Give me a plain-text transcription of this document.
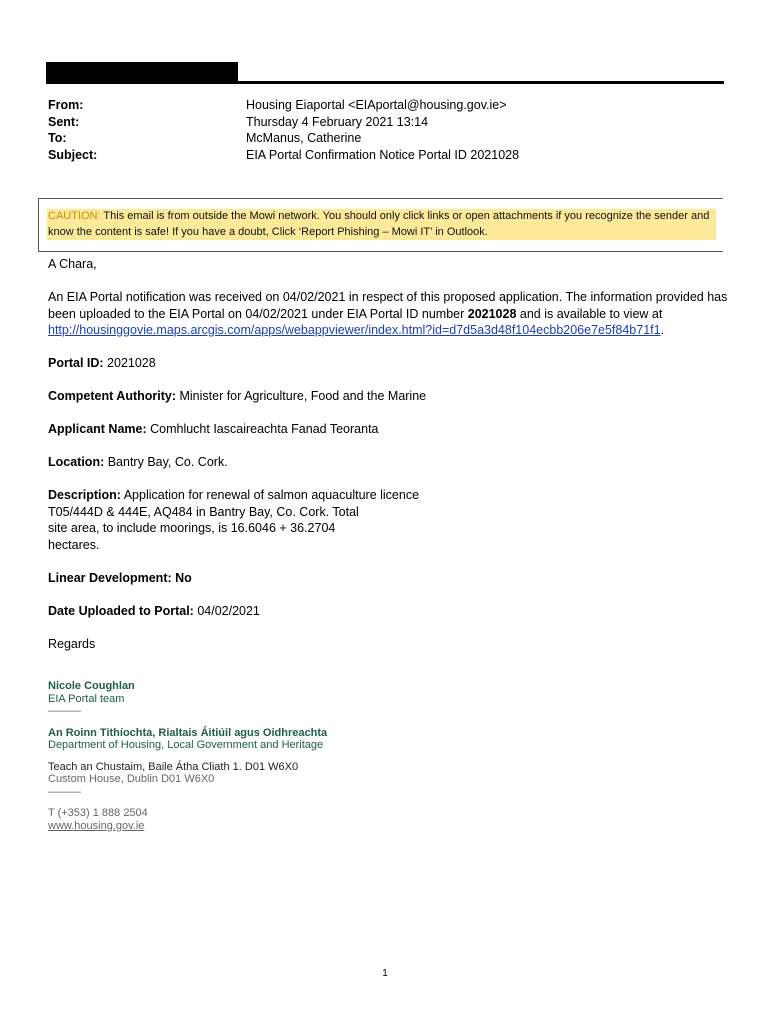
From:	Housing Eiaportal <EIAportal@housing.gov.ie>
Sent:	Thursday 4 February 2021 13:14
To:	McManus, Catherine
Subject:	EIA Portal Confirmation Notice Portal ID 2021028
CAUTION: This email is from outside the Mowi network. You should only click links or open attachments if you recognize the sender and know the content is safe! If you have a doubt, Click ‘Report Phishing – Mowi IT’ in Outlook.

A Chara,

An EIA Portal notification was received on 04/02/2021 in respect of this proposed application. The information provided has been uploaded to the EIA Portal on 04/02/2021 under EIA Portal ID number 2021028 and is available to view at
http://housinggovie.maps.arcgis.com/apps/webappviewer/index.html?id=d7d5a3d48f104ecbb206e7e5f84b71f1.

Portal ID: 2021028

Competent Authority: Minister for Agriculture, Food and the Marine

Applicant Name: Comhlucht Iascaireachta Fanad Teoranta

Location: Bantry Bay, Co. Cork.

Description: Application for renewal of salmon aquaculture licence
T05/444D & 444E, AQ484 in Bantry Bay, Co. Cork. Total
site area, to include moorings, is 16.6046 + 36.2704
hectares.

Linear Development: No

Date Uploaded to Portal: 04/02/2021

Regards

Nicole Coughlan
EIA Portal team
———
An Roinn Tithíochta, Rialtais Áitiúil agus Oidhreachta
Department of Housing, Local Government and Heritage
Teach an Chustaim, Baile Átha Cliath 1. D01 W6X0
Custom House, Dublin D01 W6X0
———
T (+353) 1 888 2504
www.housing.gov.ie
1
